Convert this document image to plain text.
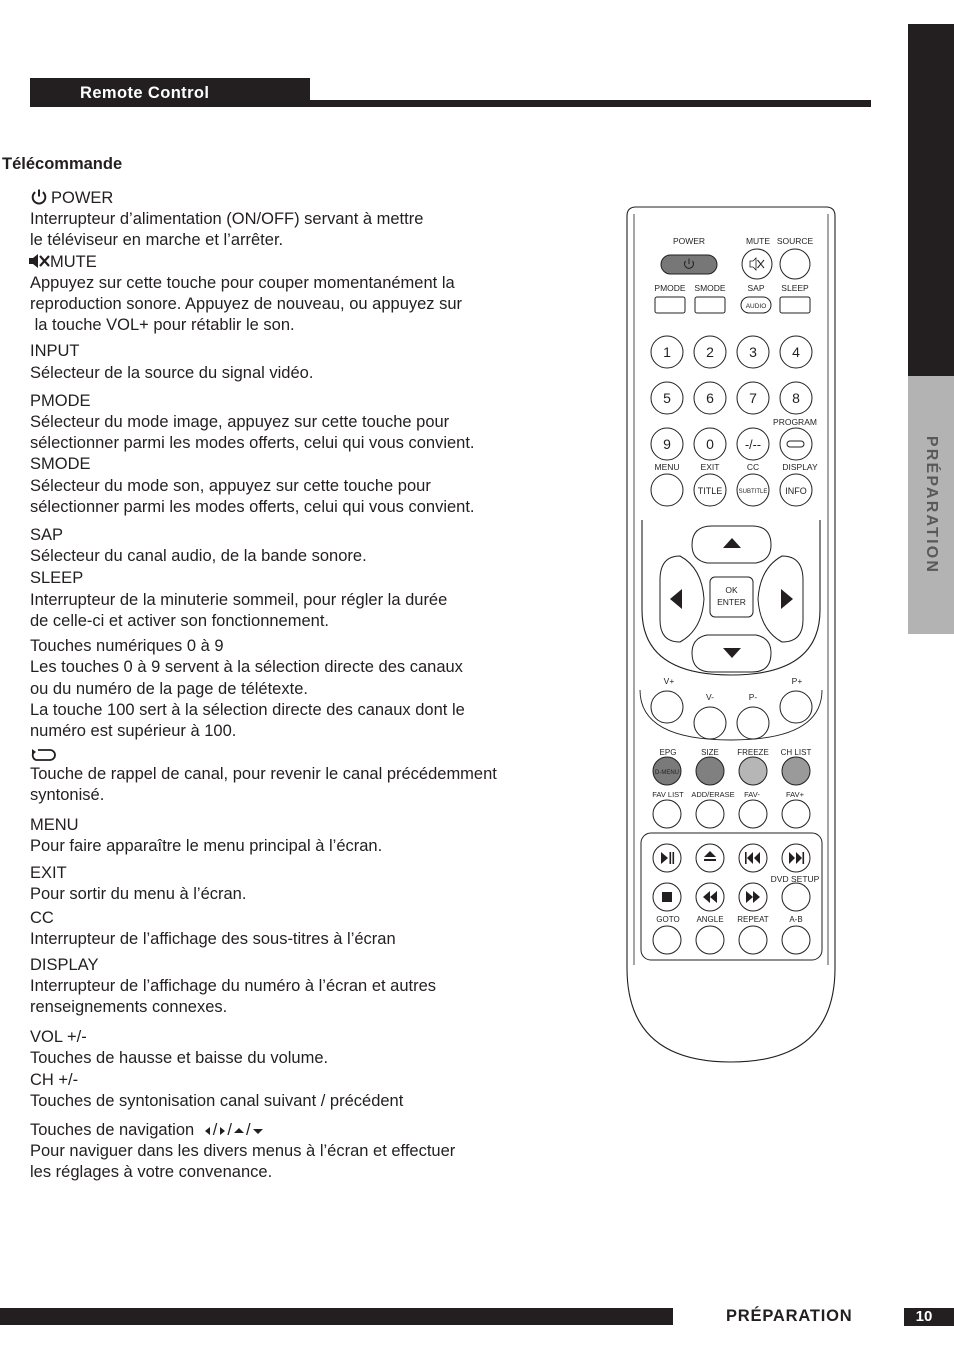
Remote Control
PRÉPARATION
Télécommande
POWER
Interrupteur d’alimentation (ON/OFF) servant à mettre
le téléviseur en marche et l’arrêter.
MUTE
Appuyez sur cette touche pour couper momentanément la
reproduction sonore. Appuyez de nouveau, ou appuyez sur
la touche VOL+ pour rétablir le son.
INPUT
Sélecteur de la source du signal vidéo.
PMODE
Sélecteur du mode image, appuyez sur cette touche pour
sélectionner parmi les modes offerts, celui qui vous convient.
SMODE
Sélecteur du mode son, appuyez sur cette touche pour
sélectionner parmi les modes offerts, celui qui vous convient.
SAP
Sélecteur du canal audio, de la bande sonore.
SLEEP
Interrupteur de la minuterie sommeil, pour régler la durée
de celle-ci et activer son fonctionnement.
Touches numériques 0 à 9
Les touches 0 à 9 servent à la sélection directe des canaux
ou du numéro de la page de télétexte.
La touche 100 sert à la sélection directe des canaux dont le
numéro est supérieur à 100.
Touche de rappel de canal, pour revenir le canal précédemment
syntonisé.
MENU
Pour faire apparaître le menu principal à l’écran.
EXIT
Pour sortir du menu à l’écran.
CC
Interrupteur de l’affichage des sous-titres à l’écran
DISPLAY
Interrupteur de l’affichage du numéro à l’écran et autres
renseignements connexes.
VOL +/-
Touches de hausse et baisse du volume.
CH +/-
Touches de syntonisation canal suivant / précédent
Touches de navigation / / /
Pour naviguer dans les divers menus à l’écran et effectuer
les réglages à votre convenance.
POWER	MUTE SOURCE
PMODE SMODE	SAP SLEEP
AUDIO
1	2	3	4
5	6	7	8
9	0 -/--
PROGRAM
MENU EXIT	CC	DISPLAY
TITLE	SUBTITLE INFO
OK
ENTER
V+
V-	P-
P+
EPG	SIZE FREEZE CH LIST
D-MENU
FAV LIST ADD/ERASE FAV-	FAV+
DVD SETUP
GOTO ANGLE REPEAT	A-B
PRÉPARATION	10
